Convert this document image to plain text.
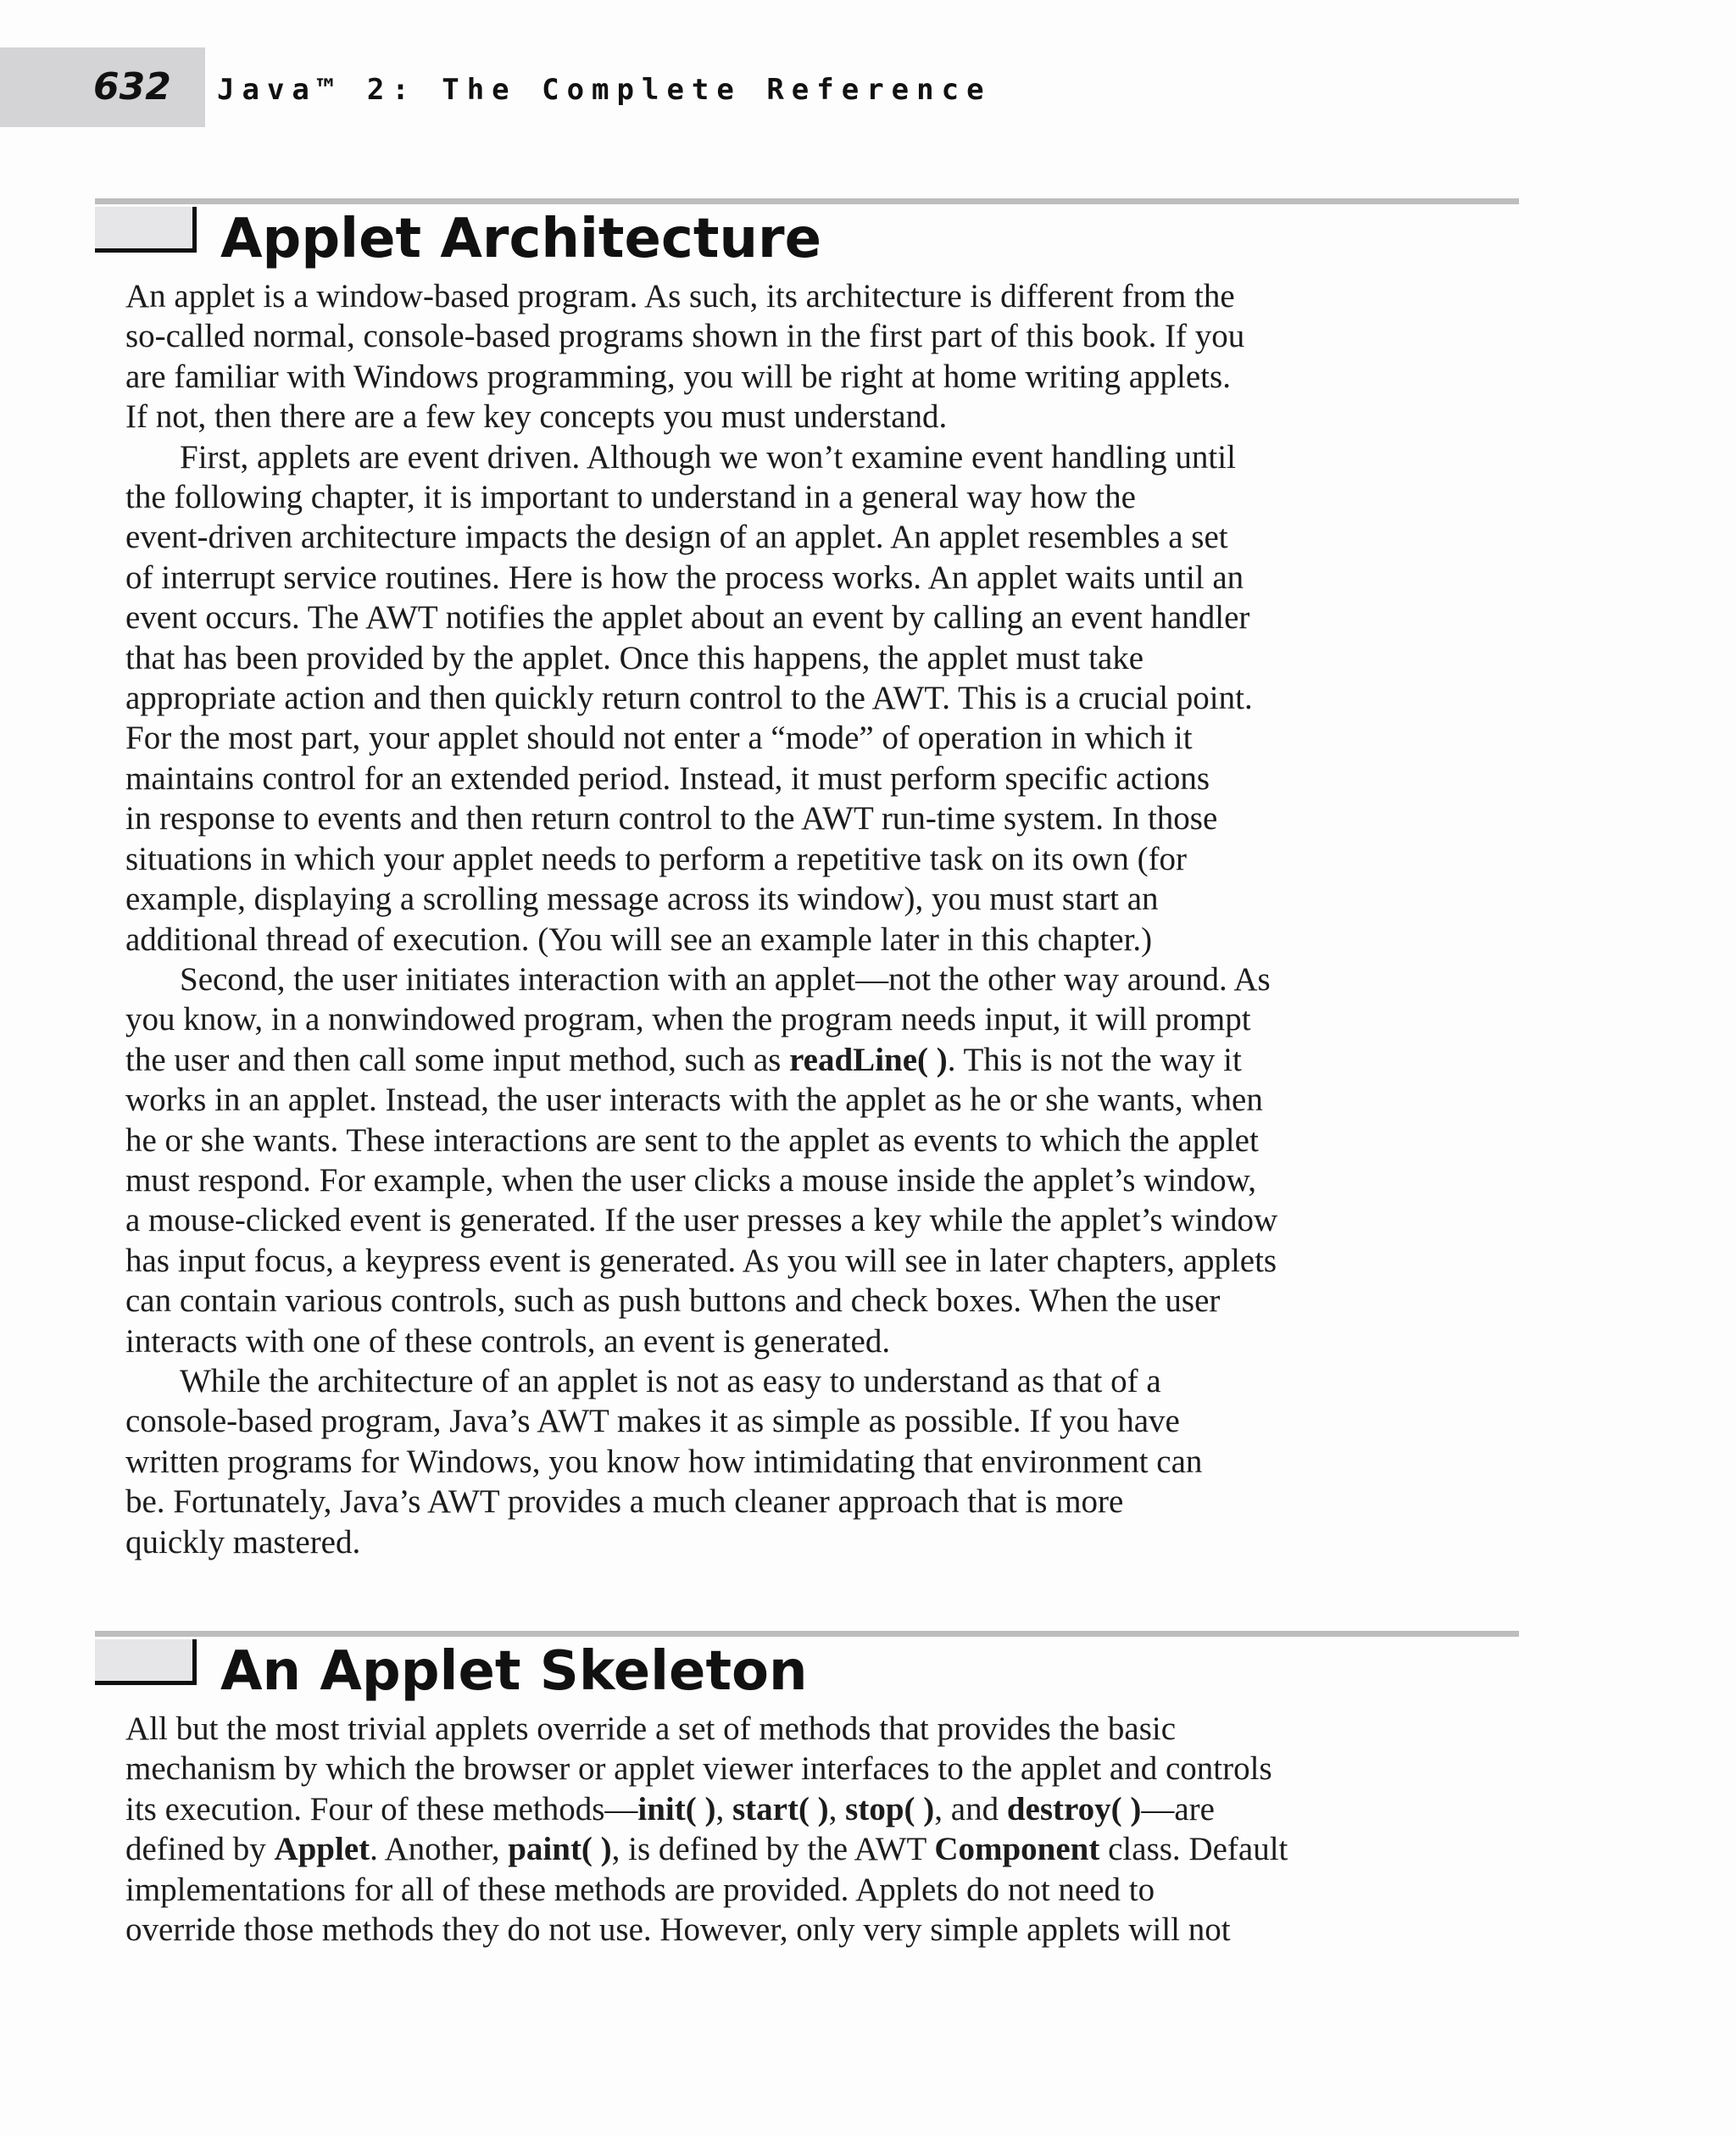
632	Java™ 2: The Complete Reference
Applet Architecture

An applet is a window-based program. As such, its architecture is different from the
so-called normal, console-based programs shown in the first part of this book. If you
are familiar with Windows programming, you will be right at home writing applets.
If not, then there are a few key concepts you must understand.

First, applets are event driven. Although we won’t examine event handling until
the following chapter, it is important to understand in a general way how the
event-driven architecture impacts the design of an applet. An applet resembles a set
of interrupt service routines. Here is how the process works. An applet waits until an
event occurs. The AWT notifies the applet about an event by calling an event handler
that has been provided by the applet. Once this happens, the applet must take
appropriate action and then quickly return control to the AWT. This is a crucial point.
For the most part, your applet should not enter a “mode” of operation in which it
maintains control for an extended period. Instead, it must perform specific actions
in response to events and then return control to the AWT run-time system. In those
situations in which your applet needs to perform a repetitive task on its own (for
example, displaying a scrolling message across its window), you must start an
additional thread of execution. (You will see an example later in this chapter.)

Second, the user initiates interaction with an applet—not the other way around. As
you know, in a nonwindowed program, when the program needs input, it will prompt
the user and then call some input method, such as readLine( ). This is not the way it
works in an applet. Instead, the user interacts with the applet as he or she wants, when
he or she wants. These interactions are sent to the applet as events to which the applet
must respond. For example, when the user clicks a mouse inside the applet’s window,
a mouse-clicked event is generated. If the user presses a key while the applet’s window
has input focus, a keypress event is generated. As you will see in later chapters, applets
can contain various controls, such as push buttons and check boxes. When the user
interacts with one of these controls, an event is generated.

While the architecture of an applet is not as easy to understand as that of a
console-based program, Java’s AWT makes it as simple as possible. If you have
written programs for Windows, you know how intimidating that environment can
be. Fortunately, Java’s AWT provides a much cleaner approach that is more
quickly mastered.

An Applet Skeleton

All but the most trivial applets override a set of methods that provides the basic
mechanism by which the browser or applet viewer interfaces to the applet and controls
its execution. Four of these methods—init( ), start( ), stop( ), and destroy( )—are
defined by Applet. Another, paint( ), is defined by the AWT Component class. Default
implementations for all of these methods are provided. Applets do not need to
override those methods they do not use. However, only very simple applets will not
